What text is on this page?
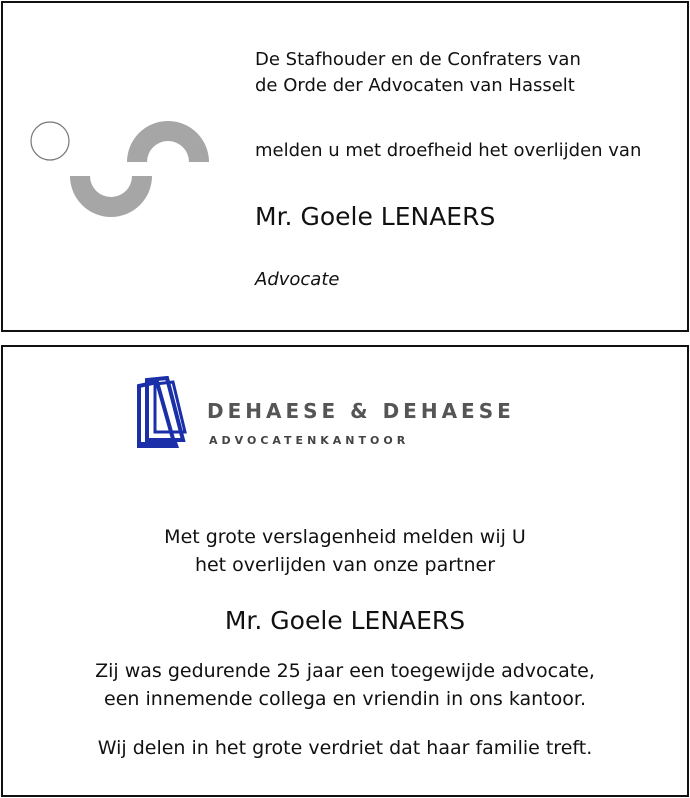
De Stafhouder en de Confraters van
de Orde der Advocaten van Hasselt
melden u met droefheid het overlijden van
Mr. Goele LENAERS
Advocate
DEHAESE & DEHAESE
ADVOCATENKANTOOR
Met grote verslagenheid melden wij U
het overlijden van onze partner
Mr. Goele LENAERS
Zij was gedurende 25 jaar een toegewijde advocate,
een innemende collega en vriendin in ons kantoor.
Wij delen in het grote verdriet dat haar familie treft.
